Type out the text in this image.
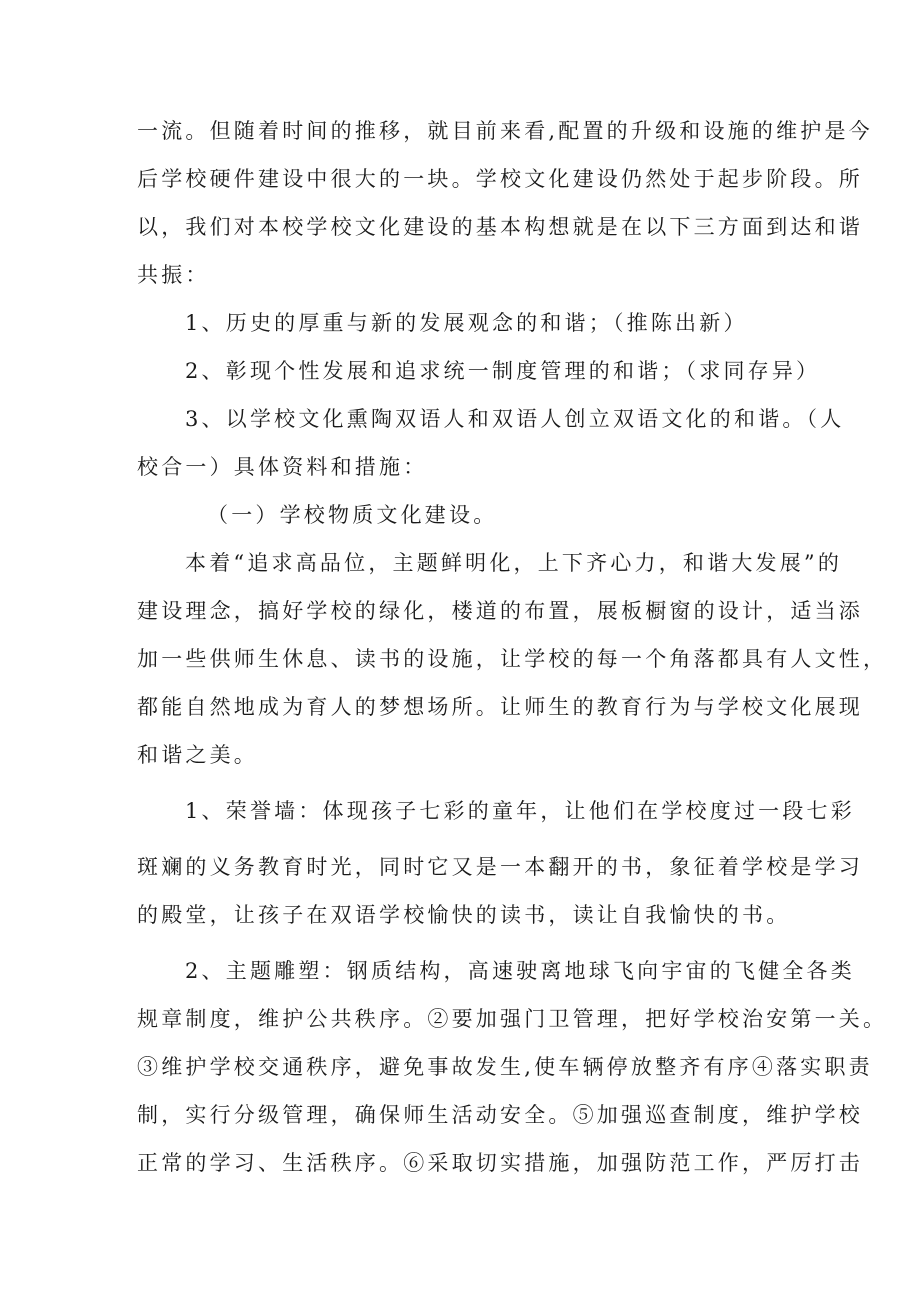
一流。但随着时间的推移，就目前来看,配置的升级和设施的维护是今
后学校硬件建设中很大的一块。学校文化建设仍然处于起步阶段。所
以，我们对本校学校文化建设的基本构想就是在以下三方面到达和谐
共振：
1、历史的厚重与新的发展观念的和谐；（推陈出新）
2、彰现个性发展和追求统一制度管理的和谐；（求同存异）
3、以学校文化熏陶双语人和双语人创立双语文化的和谐。（人
校合一）具体资料和措施：
（一）学校物质文化建设。
本着“追求高品位，主题鲜明化，上下齐心力，和谐大发展”的
建设理念，搞好学校的绿化，楼道的布置，展板橱窗的设计，适当添
加一些供师生休息、读书的设施，让学校的每一个角落都具有人文性，
都能自然地成为育人的梦想场所。让师生的教育行为与学校文化展现
和谐之美。
1、荣誉墙：体现孩子七彩的童年，让他们在学校度过一段七彩
斑斓的义务教育时光，同时它又是一本翻开的书，象征着学校是学习
的殿堂，让孩子在双语学校愉快的读书，读让自我愉快的书。
2、主题雕塑：钢质结构，高速驶离地球飞向宇宙的飞健全各类
规章制度，维护公共秩序。②要加强门卫管理，把好学校治安第一关。
③维护学校交通秩序，避免事故发生,使车辆停放整齐有序④落实职责
制，实行分级管理，确保师生活动安全。⑤加强巡查制度，维护学校
正常的学习、生活秩序。⑥采取切实措施，加强防范工作，严厉打击
